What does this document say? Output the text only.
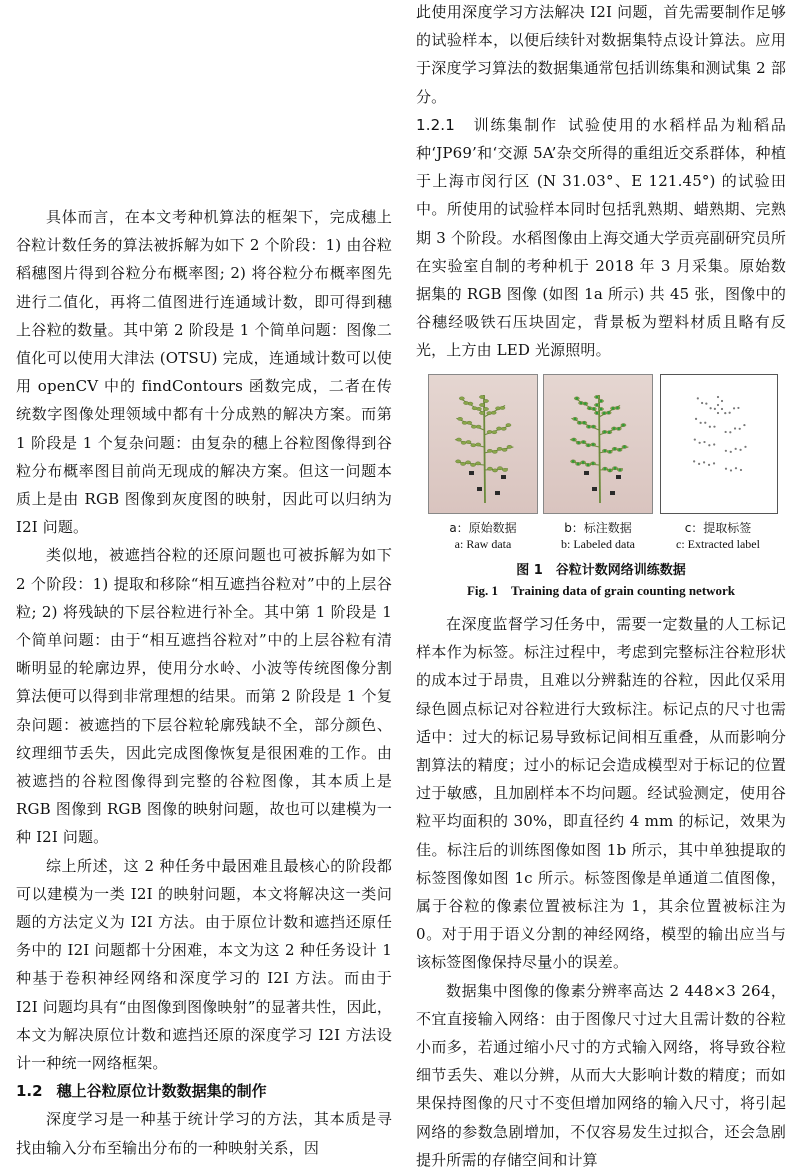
具体而言，在本文考种机算法的框架下，完成穗上谷粒计数任务的算法被拆解为如下 2 个阶段：1) 由谷粒稻穗图片得到谷粒分布概率图; 2) 将谷粒分布概率图先进行二值化，再将二值图进行连通域计数，即可得到穗上谷粒的数量。其中第 2 阶段是 1 个简单问题：图像二值化可以使用大津法 (OTSU) 完成，连通域计数可以使用 openCV 中的 findContours 函数完成，二者在传统数字图像处理领域中都有十分成熟的解决方案。而第 1 阶段是 1 个复杂问题：由复杂的穗上谷粒图像得到谷粒分布概率图目前尚无现成的解决方案。但这一问题本质上是由 RGB 图像到灰度图的映射，因此可以归纳为 I2I 问题。

类似地，被遮挡谷粒的还原问题也可被拆解为如下 2 个阶段：1) 提取和移除“相互遮挡谷粒对”中的上层谷粒; 2) 将残缺的下层谷粒进行补全。其中第 1 阶段是 1 个简单问题：由于“相互遮挡谷粒对”中的上层谷粒有清晰明显的轮廓边界，使用分水岭、小波等传统图像分割算法便可以得到非常理想的结果。而第 2 阶段是 1 个复杂问题：被遮挡的下层谷粒轮廓残缺不全，部分颜色、纹理细节丢失，因此完成图像恢复是很困难的工作。由被遮挡的谷粒图像得到完整的谷粒图像，其本质上是 RGB 图像到 RGB 图像的映射问题，故也可以建模为一种 I2I 问题。

综上所述，这 2 种任务中最困难且最核心的阶段都可以建模为一类 I2I 的映射问题，本文将解决这一类问题的方法定义为 I2I 方法。由于原位计数和遮挡还原任务中的 I2I 问题都十分困难，本文为这 2 种任务设计 1 种基于卷积神经网络和深度学习的 I2I 方法。而由于 I2I 问题均具有“由图像到图像映射”的显著共性，因此，本文为解决原位计数和遮挡还原的深度学习 I2I 方法设计一种统一网络框架。

1.2 穗上谷粒原位计数数据集的制作

深度学习是一种基于统计学习的方法，其本质是寻找由输入分布至输出分布的一种映射关系，因

此使用深度学习方法解决 I2I 问题，首先需要制作足够的试验样本，以便后续针对数据集特点设计算法。应用于深度学习算法的数据集通常包括训练集和测试集 2 部分。

1.2.1　训练集制作 试验使用的水稻样品为籼稻品种‘JP69’和‘交源 5A’杂交所得的重组近交系群体，种植于上海市闵行区 (N 31.03°、E 121.45°) 的试验田中。所使用的试验样本同时包括乳熟期、蜡熟期、完熟期 3 个阶段。水稻图像由上海交通大学贡亮副研究员所在实验室自制的考种机于 2018 年 3 月采集。原始数据集的 RGB 图像 (如图 1a 所示) 共 45 张，图像中的谷穗经吸铁石压块固定，背景板为塑料材质且略有反光，上方由 LED 光源照明。

a：原始数据
a: Raw data
b：标注数据
b: Labeled data
c：提取标签
c: Extracted label
图 1　谷粒计数网络训练数据
Fig. 1　Training data of grain counting network

在深度监督学习任务中，需要一定数量的人工标记样本作为标签。标注过程中，考虑到完整标注谷粒形状的成本过于昂贵，且难以分辨黏连的谷粒，因此仅采用绿色圆点标记对谷粒进行大致标注。标记点的尺寸也需适中：过大的标记易导致标记间相互重叠，从而影响分割算法的精度；过小的标记会造成模型对于标记的位置过于敏感，且加剧样本不均问题。经试验测定，使用谷粒平均面积的 30%，即直径约 4 mm 的标记，效果为佳。标注后的训练图像如图 1b 所示，其中单独提取的标签图像如图 1c 所示。标签图像是单通道二值图像，属于谷粒的像素位置被标注为 1，其余位置被标注为 0。对于用于语义分割的神经网络，模型的输出应当与该标签图像保持尽量小的误差。

数据集中图像的像素分辨率高达 2 448×3 264，不宜直接输入网络：由于图像尺寸过大且需计数的谷粒小而多，若通过缩小尺寸的方式输入网络，将导致谷粒细节丢失、难以分辨，从而大大影响计数的精度；而如果保持图像的尺寸不变但增加网络的输入尺寸，将引起网络的参数急剧增加，不仅容易发生过拟合，还会急剧提升所需的存储空间和计算
